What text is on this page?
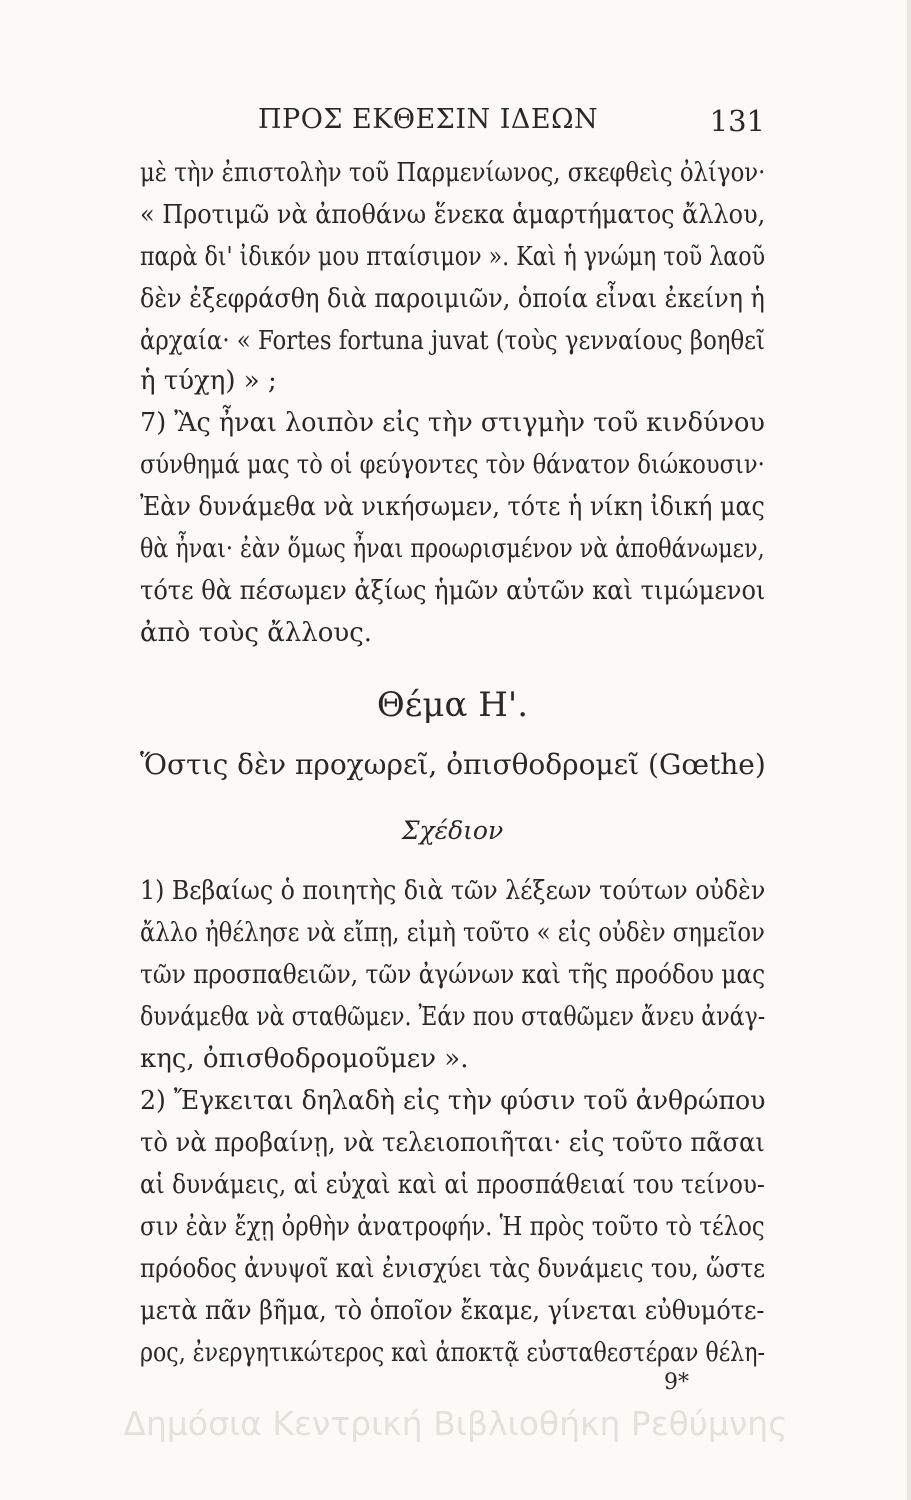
ΠΡΟΣ ΕΚΘΕΣΙΝ ΙΔΕΩΝ	131
μὲ τὴν ἐπιστολὴν τοῦ Παρμενίωνος, σκεφθεὶς ὀλίγον·
« Προτιμῶ νὰ ἀποθάνω ἕνεκα ἁμαρτήματος ἄλλου,
παρὰ δι' ἰδικόν μου πταίσιμον ». Καὶ ἡ γνώμη τοῦ λαοῦ
δὲν ἐξεφράσθη διὰ παροιμιῶν, ὁποία εἶναι ἐκείνη ἡ
ἀρχαία· « Fortes fortuna juvat (τοὺς γενναίους βοηθεῖ
ἡ τύχη) » ;
7) Ἂς ἦναι λοιπὸν εἰς τὴν στιγμὴν τοῦ κινδύνου
σύνθημά μας τὸ οἱ φεύγοντες τὸν θάνατον διώκουσιν·
Ἐὰν δυνάμεθα νὰ νικήσωμεν, τότε ἡ νίκη ἰδική μας
θὰ ἦναι· ἐὰν ὅμως ἦναι προωρισμένον νὰ ἀποθάνωμεν,
τότε θὰ πέσωμεν ἀξίως ἡμῶν αὐτῶν καὶ τιμώμενοι
ἀπὸ τοὺς ἄλλους.
Θέμα Η'.
Ὅστις δὲν προχωρεῖ, ὀπισθοδρομεῖ (Gœthe)
Σχέδιον
1) Βεβαίως ὁ ποιητὴς διὰ τῶν λέξεων τούτων οὐδὲν
ἄλλο ἠθέλησε νὰ εἴπῃ, εἰμὴ τοῦτο « εἰς οὐδὲν σημεῖον
τῶν προσπαθειῶν, τῶν ἀγώνων καὶ τῆς προόδου μας
δυνάμεθα νὰ σταθῶμεν. Ἐάν που σταθῶμεν ἄνευ ἀνάγ-
κης, ὀπισθοδρομοῦμεν ».
2) Ἔγκειται δηλαδὴ εἰς τὴν φύσιν τοῦ ἀνθρώπου
τὸ νὰ προβαίνῃ, νὰ τελειοποιῆται· εἰς τοῦτο πᾶσαι
αἱ δυνάμεις, αἱ εὐχαὶ καὶ αἱ προσπάθειαί του τείνου-
σιν ἐὰν ἔχῃ ὀρθὴν ἀνατροφήν. Ἡ πρὸς τοῦτο τὸ τέλος
πρόοδος ἀνυψοῖ καὶ ἐνισχύει τὰς δυνάμεις του, ὥστε
μετὰ πᾶν βῆμα, τὸ ὁποῖον ἔκαμε, γίνεται εὐθυμότε-
ρος, ἐνεργητικώτερος καὶ ἀποκτᾷ εὐσταθεστέραν θέλη-
9*
Δημόσια Κεντρική Βιβλιοθήκη Ρεθύμνης
